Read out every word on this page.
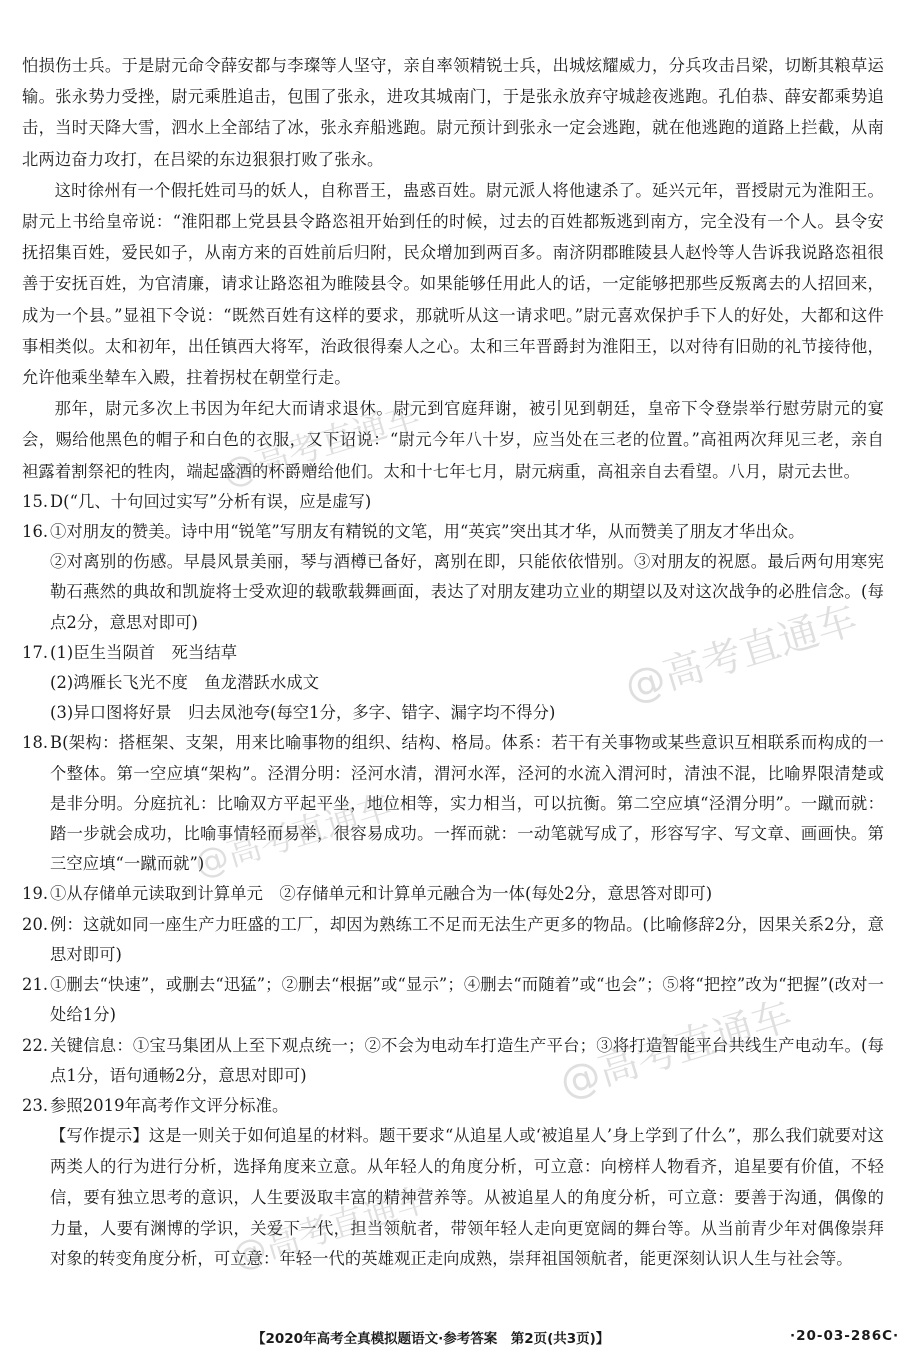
怕损伤士兵。于是尉元命令薛安都与李璨等人坚守，亲自率领精锐士兵，出城炫耀威力，分兵攻击吕梁，切断其粮草运输。张永势力受挫，尉元乘胜追击，包围了张永，进攻其城南门，于是张永放弃守城趁夜逃跑。孔伯恭、薛安都乘势追击，当时天降大雪，泗水上全部结了冰，张永弃船逃跑。尉元预计到张永一定会逃跑，就在他逃跑的道路上拦截，从南北两边奋力攻打，在吕梁的东边狠狠打败了张永。

这时徐州有一个假托姓司马的妖人，自称晋王，蛊惑百姓。尉元派人将他逮杀了。延兴元年，晋授尉元为淮阳王。尉元上书给皇帝说：“淮阳郡上党县县令路恣祖开始到任的时候，过去的百姓都叛逃到南方，完全没有一个人。县令安抚招集百姓，爱民如子，从南方来的百姓前后归附，民众增加到两百多。南济阴郡睢陵县人赵怜等人告诉我说路恣祖很善于安抚百姓，为官清廉，请求让路恣祖为睢陵县令。如果能够任用此人的话，一定能够把那些反叛离去的人招回来，成为一个县。”显祖下令说：“既然百姓有这样的要求，那就听从这一请求吧。”尉元喜欢保护手下人的好处，大都和这件事相类似。太和初年，出任镇西大将军，治政很得秦人之心。太和三年晋爵封为淮阳王，以对待有旧勋的礼节接待他，允许他乘坐辇车入殿，拄着拐杖在朝堂行走。

那年，尉元多次上书因为年纪大而请求退休。尉元到官庭拜谢，被引见到朝廷，皇帝下令登崇举行慰劳尉元的宴会，赐给他黑色的帽子和白色的衣服，又下诏说：“尉元今年八十岁，应当处在三老的位置。”高祖两次拜见三老，亲自袒露着割祭祀的牲肉，端起盛酒的杯爵赠给他们。太和十七年七月，尉元病重，高祖亲自去看望。八月，尉元去世。

15. D(“几、十句回过实写”分析有误，应是虚写)

16. ①对朋友的赞美。诗中用“锐笔”写朋友有精锐的文笔，用“英宾”突出其才华，从而赞美了朋友才华出众。

②对离别的伤感。早晨风景美丽，琴与酒樽已备好，离别在即，只能依依惜别。③对朋友的祝愿。最后两句用寒宪勒石燕然的典故和凯旋将士受欢迎的载歌载舞画面，表达了对朋友建功立业的期望以及对这次战争的必胜信念。(每点2分，意思对即可)

17. (1)臣生当陨首　死当结草

(2)鸿雁长飞光不度　鱼龙潜跃水成文

(3)异口图将好景　归去凤池夸(每空1分，多字、错字、漏字均不得分)

18. B(架构：搭框架、支架，用来比喻事物的组织、结构、格局。体系：若干有关事物或某些意识互相联系而构成的一个整体。第一空应填“架构”。泾渭分明：泾河水清，渭河水浑，泾河的水流入渭河时，清浊不混，比喻界限清楚或是非分明。分庭抗礼：比喻双方平起平坐，地位相等，实力相当，可以抗衡。第二空应填“泾渭分明”。一蹴而就：踏一步就会成功，比喻事情轻而易举，很容易成功。一挥而就：一动笔就写成了，形容写字、写文章、画画快。第三空应填“一蹴而就”)

19. ①从存储单元读取到计算单元　②存储单元和计算单元融合为一体(每处2分，意思答对即可)

20. 例：这就如同一座生产力旺盛的工厂，却因为熟练工不足而无法生产更多的物品。(比喻修辞2分，因果关系2分，意思对即可)

21. ①删去“快速”，或删去“迅猛”；②删去“根据”或“显示”；④删去“而随着”或“也会”；⑤将“把控”改为“把握”(改对一处给1分)

22. 关键信息：①宝马集团从上至下观点统一；②不会为电动车打造生产平台；③将打造智能平台共线生产电动车。(每点1分，语句通畅2分，意思对即可)

23. 参照2019年高考作文评分标准。

【写作提示】这是一则关于如何追星的材料。题干要求“从追星人或‘被追星人’身上学到了什么”，那么我们就要对这两类人的行为进行分析，选择角度来立意。从年轻人的角度分析，可立意：向榜样人物看齐，追星要有价值，不轻信，要有独立思考的意识，人生要汲取丰富的精神营养等。从被追星人的角度分析，可立意：要善于沟通，偶像的力量，人要有渊博的学识，关爱下一代，担当领航者，带领年轻人走向更宽阔的舞台等。从当前青少年对偶像崇拜对象的转变角度分析，可立意：年轻一代的英雄观正走向成熟，崇拜祖国领航者，能更深刻认识人生与社会等。

@高考直通车
@高考直通车
@高考直通车
@高考直通车
@高考直通车
【2020年高考全真模拟题语文·参考答案　第2页(共3页)】	·20-03-286C·
